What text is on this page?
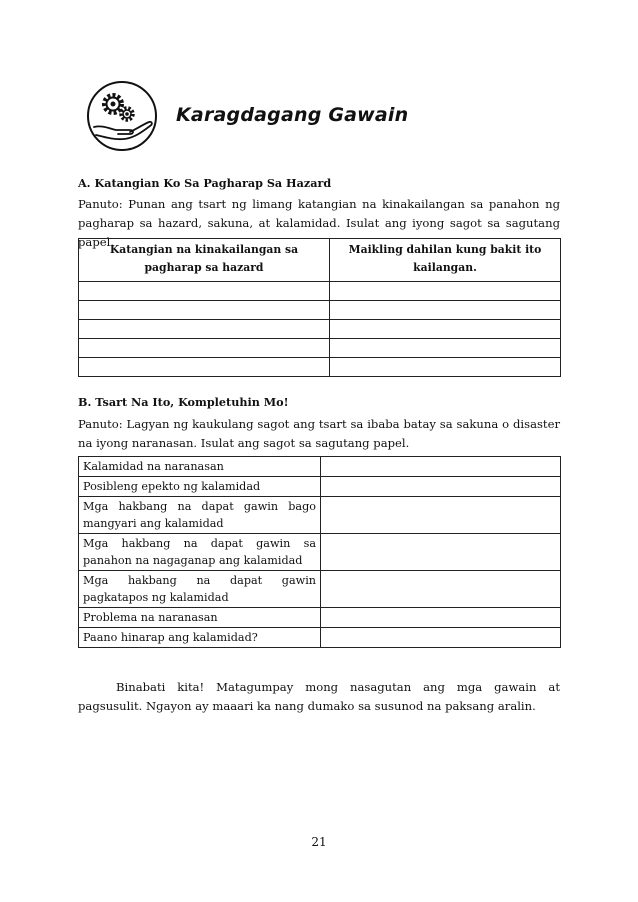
Karagdagang Gawain
A. Katangian Ko Sa Pagharap Sa Hazard
Panuto: Punan ang tsart ng limang katangian na kinakailangan sa panahon ng pagharap sa hazard, sakuna, at kalamidad. Isulat ang iyong sagot sa sagutang papel.
Katangian na kinakailangan sa pagharap sa hazard	Maikling dahilan kung bakit ito kailangan.

B. Tsart Na Ito, Kompletuhin Mo!
Panuto: Lagyan ng kaukulang sagot ang tsart sa ibaba batay sa sakuna o disaster na iyong naranasan. Isulat ang sagot sa sagutang papel.
Kalamidad na naranasan	
Posibleng epekto ng kalamidad	
Mga hakbang na dapat gawin bago mangyari ang kalamidad	
Mga hakbang na dapat gawin sa panahon na nagaganap ang kalamidad	
Mga hakbang na dapat gawin pagkatapos ng kalamidad	
Problema na naranasan	
Paano hinarap ang kalamidad?	
Binabati kita! Matagumpay mong nasagutan ang mga gawain at pagsusulit. Ngayon ay maaari ka nang dumako sa susunod na paksang aralin.
21
